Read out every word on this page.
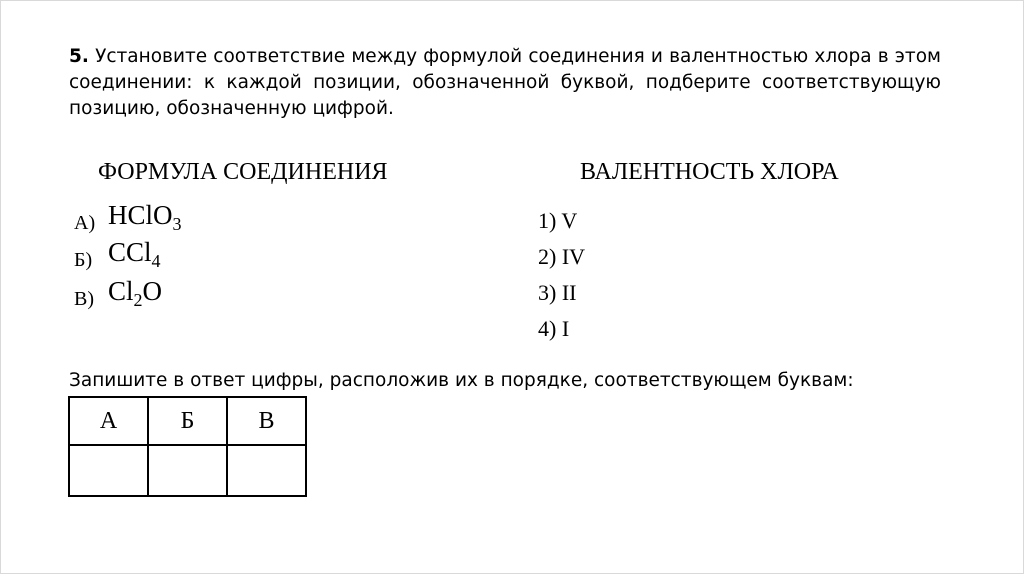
5. Установите соответствие между формулой соединения и валентностью хлора в этом соединении: к каждой позиции, обозначенной буквой, подберите соответствующую позицию, обозначенную цифрой.
ФОРМУЛА СОЕДИНЕНИЯ	ВАЛЕНТНОСТЬ ХЛОРА
А) HClO$_3$
Б) CCl$_4$
В) $Cl_2O$
1) V
2) IV
3) II
4) I
Запишите в ответ цифры, расположив их в порядке, соответствующем буквам:
А	Б	В
